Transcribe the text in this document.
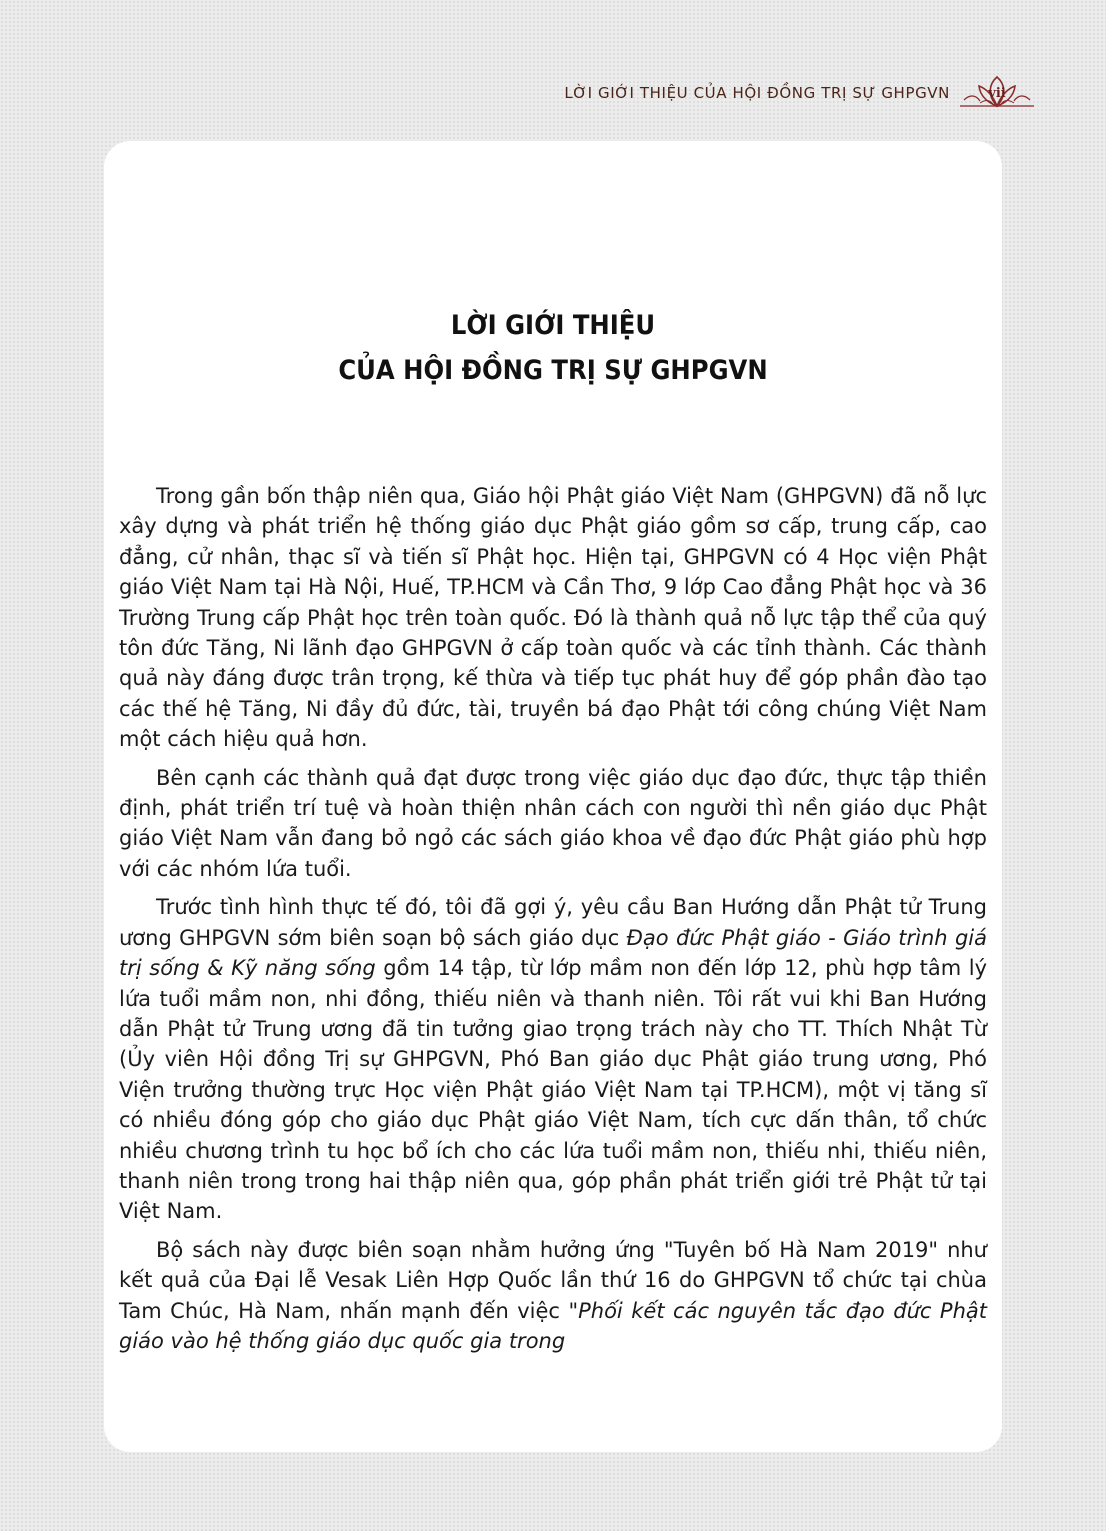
LỜI GIỚI THIỆU CỦA HỘI ĐỒNG TRỊ SỰ GHPGVN	vii
LỜI GIỚI THIỆU
CỦA HỘI ĐỒNG TRỊ SỰ GHPGVN

Trong gần bốn thập niên qua, Giáo hội Phật giáo Việt Nam (GHPGVN) đã nỗ lực xây dựng và phát triển hệ thống giáo dục Phật giáo gồm sơ cấp, trung cấp, cao đẳng, cử nhân, thạc sĩ và tiến sĩ Phật học. Hiện tại, GHPGVN có 4 Học viện Phật giáo Việt Nam tại Hà Nội, Huế, TP.HCM và Cần Thơ, 9 lớp Cao đẳng Phật học và 36 Trường Trung cấp Phật học trên toàn quốc. Đó là thành quả nỗ lực tập thể của quý tôn đức Tăng, Ni lãnh đạo GHPGVN ở cấp toàn quốc và các tỉnh thành. Các thành quả này đáng được trân trọng, kế thừa và tiếp tục phát huy để góp phần đào tạo các thế hệ Tăng, Ni đầy đủ đức, tài, truyền bá đạo Phật tới công chúng Việt Nam một cách hiệu quả hơn.

Bên cạnh các thành quả đạt được trong việc giáo dục đạo đức, thực tập thiền định, phát triển trí tuệ và hoàn thiện nhân cách con người thì nền giáo dục Phật giáo Việt Nam vẫn đang bỏ ngỏ các sách giáo khoa về đạo đức Phật giáo phù hợp với các nhóm lứa tuổi.

Trước tình hình thực tế đó, tôi đã gợi ý, yêu cầu Ban Hướng dẫn Phật tử Trung ương GHPGVN sớm biên soạn bộ sách giáo dục Đạo đức Phật giáo - Giáo trình giá trị sống & Kỹ năng sống gồm 14 tập, từ lớp mầm non đến lớp 12, phù hợp tâm lý lứa tuổi mầm non, nhi đồng, thiếu niên và thanh niên. Tôi rất vui khi Ban Hướng dẫn Phật tử Trung ương đã tin tưởng giao trọng trách này cho TT. Thích Nhật Từ (Ủy viên Hội đồng Trị sự GHPGVN, Phó Ban giáo dục Phật giáo trung ương, Phó Viện trưởng thường trực Học viện Phật giáo Việt Nam tại TP.HCM), một vị tăng sĩ có nhiều đóng góp cho giáo dục Phật giáo Việt Nam, tích cực dấn thân, tổ chức nhiều chương trình tu học bổ ích cho các lứa tuổi mầm non, thiếu nhi, thiếu niên, thanh niên trong trong hai thập niên qua, góp phần phát triển giới trẻ Phật tử tại Việt Nam.

Bộ sách này được biên soạn nhằm hưởng ứng "Tuyên bố Hà Nam 2019" như kết quả của Đại lễ Vesak Liên Hợp Quốc lần thứ 16 do GHPGVN tổ chức tại chùa Tam Chúc, Hà Nam, nhấn mạnh đến việc "Phối kết các nguyên tắc đạo đức Phật giáo vào hệ thống giáo dục quốc gia trong
